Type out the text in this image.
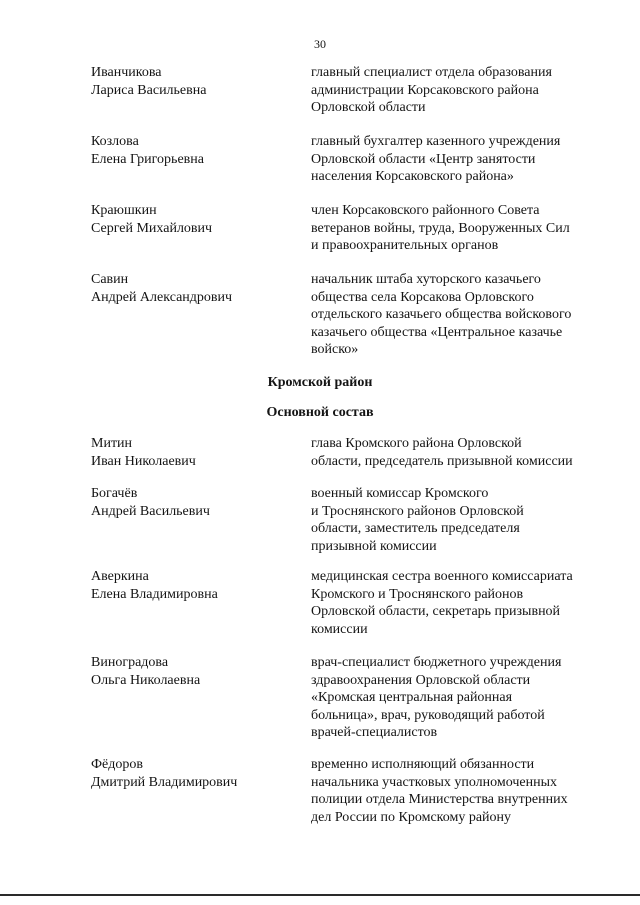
30
Иванчикова
Лариса Васильевна
главный специалист отдела образования
администрации Корсаковского района
Орловской области
Козлова
Елена Григорьевна
главный бухгалтер казенного учреждения
Орловской области «Центр занятости
населения Корсаковского района»
Краюшкин
Сергей Михайлович
член Корсаковского районного Совета
ветеранов войны, труда, Вооруженных Сил
и правоохранительных органов
Савин
Андрей Александрович
начальник штаба хуторского казачьего
общества села Корсакова Орловского
отдельского казачьего общества войскового
казачьего общества «Центральное казачье
войско»
Кромской район
Основной состав
Митин
Иван Николаевич
глава Кромского района Орловской
области, председатель призывной комиссии
Богачёв
Андрей Васильевич
военный комиссар Кромского
и Троснянского районов Орловской
области, заместитель председателя
призывной комиссии
Аверкина
Елена Владимировна
медицинская сестра военного комиссариата
Кромского и Троснянского районов
Орловской области, секретарь призывной
комиссии
Виноградова
Ольга Николаевна
врач-специалист бюджетного учреждения
здравоохранения Орловской области
«Кромская центральная районная
больница», врач, руководящий работой
врачей-специалистов
Фёдоров
Дмитрий Владимирович
временно исполняющий обязанности
начальника участковых уполномоченных
полиции отдела Министерства внутренних
дел России по Кромскому району
